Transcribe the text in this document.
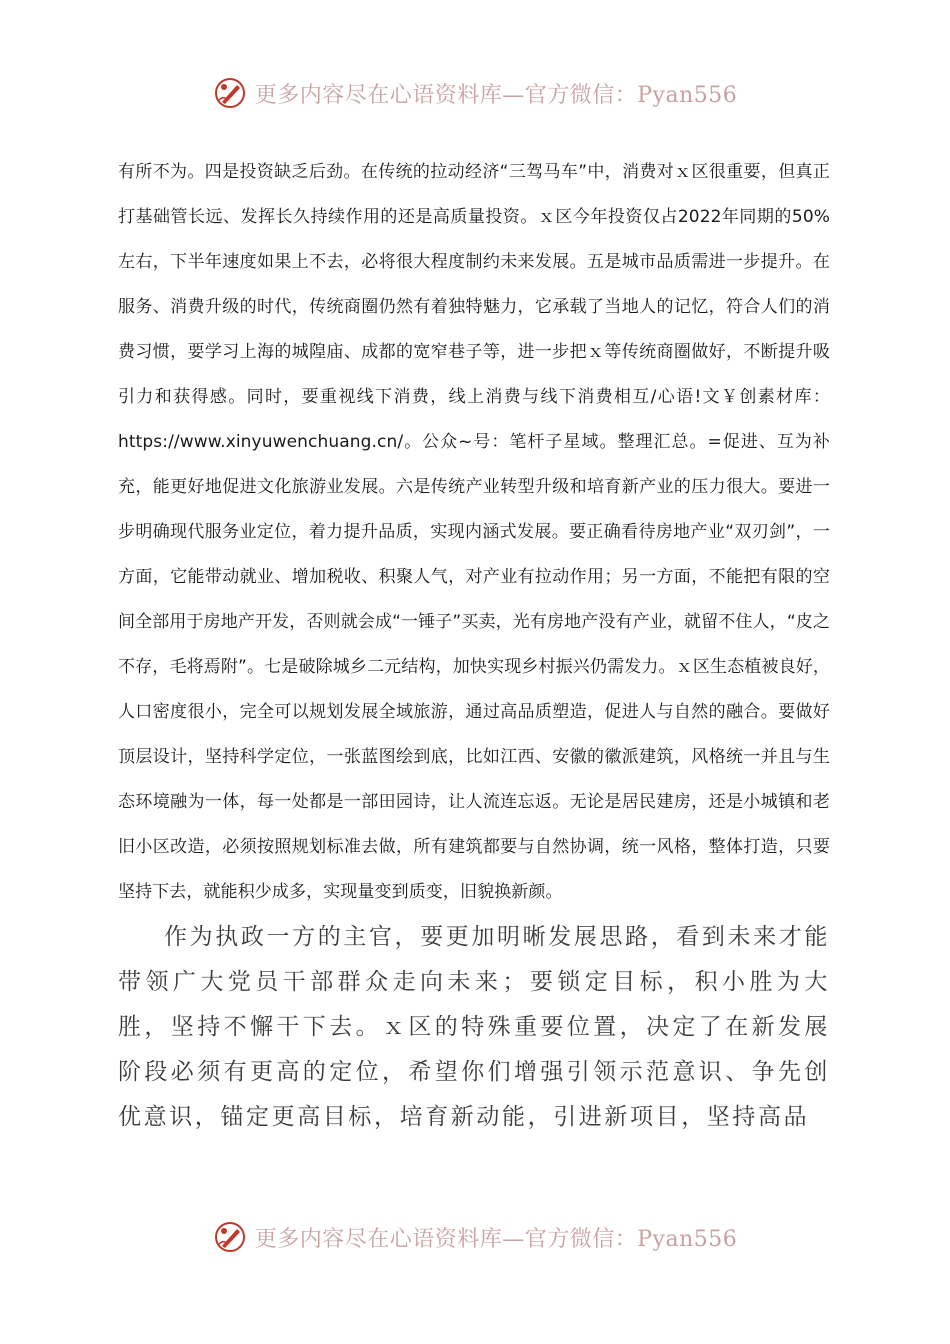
更多内容尽在心语资料库—官方微信：Pyan556

有所不为。四是投资缺乏后劲。在传统的拉动经济“三驾马车”中，消费对ｘ区很重要，但真正打基础管长远、发挥长久持续作用的还是高质量投资。ｘ区今年投资仅占2022年同期的50%左右，下半年速度如果上不去，必将很大程度制约未来发展。五是城市品质需进一步提升。在服务、消费升级的时代，传统商圈仍然有着独特魅力，它承载了当地人的记忆，符合人们的消费习惯，要学习上海的城隍庙、成都的宽窄巷子等，进一步把ｘ等传统商圈做好，不断提升吸引力和获得感。同时，要重视线下消费，线上消费与线下消费相互/心语!文￥创素材库：https://www.xinyuwenchuang.cn/。公众~号：笔杆子星域。整理汇总。=促进、互为补充，能更好地促进文化旅游业发展。六是传统产业转型升级和培育新产业的压力很大。要进一步明确现代服务业定位，着力提升品质，实现内涵式发展。要正确看待房地产业“双刃剑”，一方面，它能带动就业、增加税收、积聚人气，对产业有拉动作用；另一方面，不能把有限的空间全部用于房地产开发，否则就会成“一锤子”买卖，光有房地产没有产业，就留不住人，“皮之不存，毛将焉附”。七是破除城乡二元结构，加快实现乡村振兴仍需发力。ｘ区生态植被良好，人口密度很小，完全可以规划发展全域旅游，通过高品质塑造，促进人与自然的融合。要做好顶层设计，坚持科学定位，一张蓝图绘到底，比如江西、安徽的徽派建筑，风格统一并且与生态环境融为一体，每一处都是一部田园诗，让人流连忘返。无论是居民建房，还是小城镇和老旧小区改造，必须按照规划标准去做，所有建筑都要与自然协调，统一风格，整体打造，只要坚持下去，就能积少成多，实现量变到质变，旧貌换新颜。

作为执政一方的主官，要更加明晰发展思路，看到未来才能带领广大党员干部群众走向未来；要锁定目标，积小胜为大胜，坚持不懈干下去。ｘ区的特殊重要位置，决定了在新发展阶段必须有更高的定位，希望你们增强引领示范意识、争先创优意识，锚定更高目标，培育新动能，引进新项目，坚持高品

更多内容尽在心语资料库—官方微信：Pyan556
